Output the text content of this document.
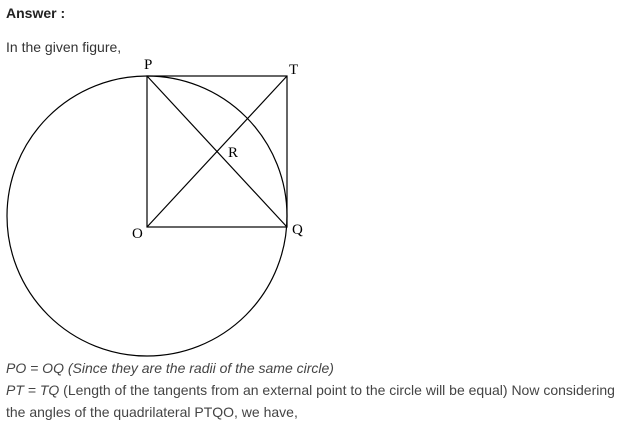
Answer :
In the given figure,
P	T
R
O	Q
PO = OQ (Since they are the radii of the same circle)
PT = TQ (Length of the tangents from an external point to the circle will be equal) Now considering
the angles of the quadrilateral PTQO, we have,
